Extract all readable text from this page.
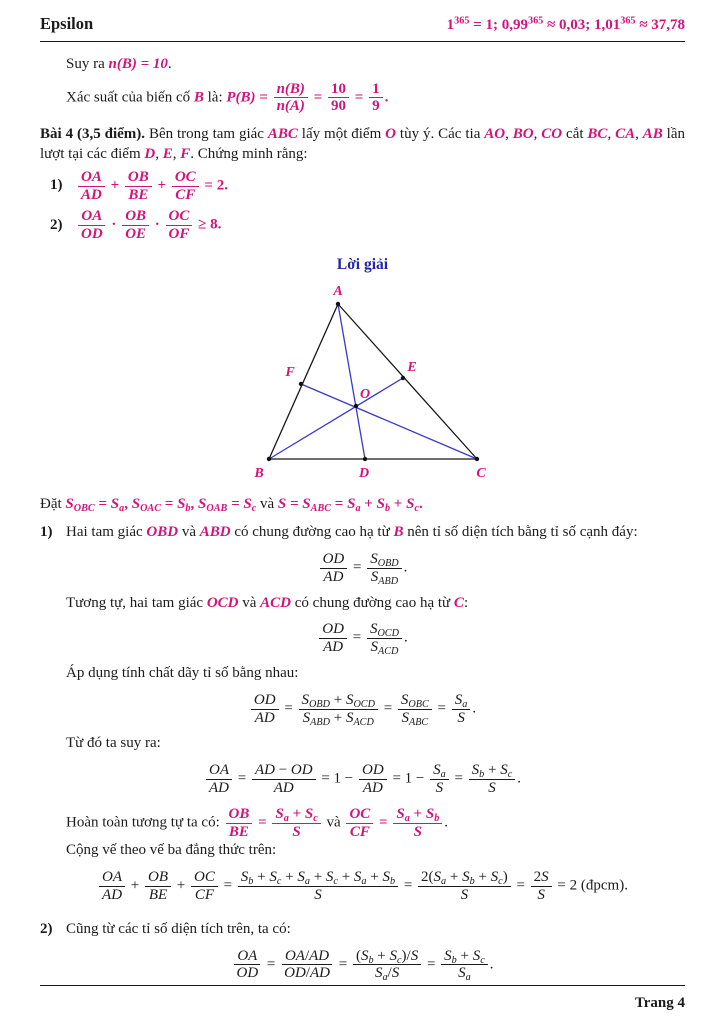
Epsilon	$1^{365} = 1$; $0,99^{365} \approx 0,03$; $1,01^{365} \approx 37,78$

Suy ra n(B) = 10.

Xác suất của biến cố B là: $P(B) = \frac{n(B)}{n(A)} = \frac{10}{90} = \frac{1}{9}$ .

Bài 4 (3,5 điểm). Bên trong tam giác ABC lấy một điểm O tùy ý. Các tia AO, BO, CO cắt BC, CA, AB lần lượt tại các điểm D, E, F. Chứng minh rằng:

1)	$\frac{OA}{AD} + \frac{OB}{BE} + \frac{OC}{CF} = 2$.
2)	$\frac{OA}{OD} \cdot \frac{OB}{OE} \cdot \frac{OC}{OF} \ge 8$.
Lời giải
A
B	C
D
E
F
O

Đặt $S_{OBC} = S_a$, $S_{OAC} = S_b$, $S_{OAB} = S_c$ và $S = S_{ABC} = S_a + S_b + S_c$.

1) Hai tam giác OBD và ABD có chung đường cao hạ từ B nên tỉ số diện tích bằng tỉ số cạnh đáy:

$\frac{OD}{AD} = \frac{S_{OBD}}{S_{ABD}}$ .

Tương tự, hai tam giác OCD và ACD có chung đường cao hạ từ C:

$\frac{OD}{AD} = \frac{S_{OCD}}{S_{ACD}}$ .

Áp dụng tính chất dãy tỉ số bằng nhau:

$\frac{OD}{AD} = \frac{S_{OBD} + S_{OCD}}{S_{ABD} + S_{ACD}} = \frac{S_{OBC}}{S_{ABC}} = \frac{S_a}{S}$ .

Từ đó ta suy ra:

$\frac{OA}{AD} = \frac{AD - OD}{AD} = 1 - \frac{OD}{AD} = 1 - \frac{S_a}{S} = \frac{S_b + S_c}{S}$ .

Hoàn toàn tương tự ta có: $\frac{OB}{BE} = \frac{S_a + S_c}{S}$ và $\frac{OC}{CF} = \frac{S_a + S_b}{S}$ .

Cộng vế theo vế ba đẳng thức trên:

$\frac{OA}{AD} + \frac{OB}{BE} + \frac{OC}{CF} = \frac{S_b + S_c + S_a + S_c + S_a + S_b}{S} = \frac{2(S_a + S_b + S_c)}{S} = \frac{2S}{S} = 2$ (đpcm).
2) Cũng từ các tỉ số diện tích trên, ta có:

$\frac{OA}{OD} = \frac{OA/AD}{OD/AD} = \frac{(S_b + S_c)/S}{S_a/S} = \frac{S_b + S_c}{S_a}$ .
Trang 4
